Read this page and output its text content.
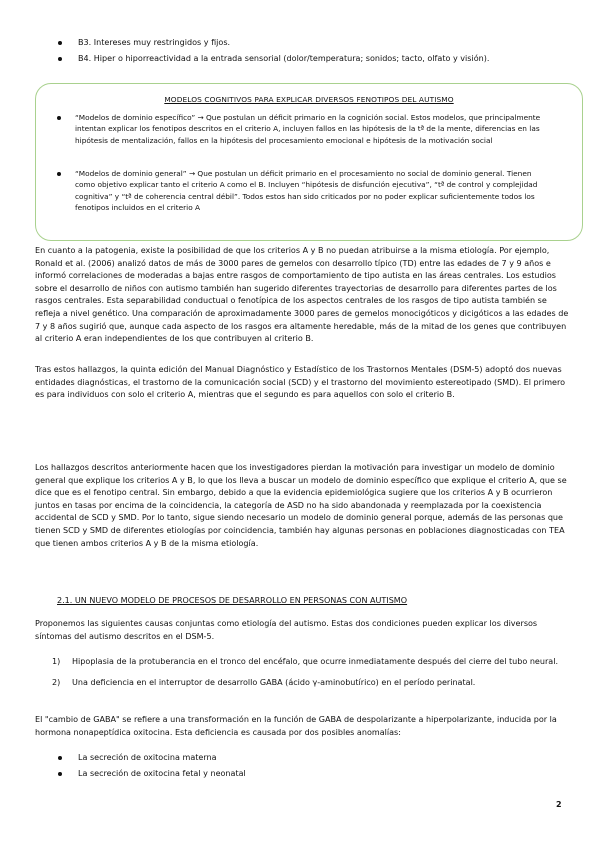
B3. Intereses muy restringidos y fijos.
B4. Hiper o hiporreactividad a la entrada sensorial (dolor/temperatura; sonidos; tacto, olfato y visión).
MODELOS COGNITIVOS PARA EXPLICAR DIVERSOS FENOTIPOS DEL AUTISMO
“Modelos de dominio específico” → Que postulan un déficit primario en la cognición social. Estos modelos, que principalmente intentan explicar los fenotipos descritos en el criterio A, incluyen fallos en las hipótesis de la tª de la mente, diferencias en las hipótesis de mentalización, fallos en la hipótesis del procesamiento emocional e hipótesis de la motivación social
“Modelos de dominio general” → Que postulan un déficit primario en el procesamiento no social de dominio general. Tienen como objetivo explicar tanto el criterio A como el B. Incluyen “hipótesis de disfunción ejecutiva”, “tª de control y complejidad cognitiva” y “tª de coherencia central débil”. Todos estos han sido criticados por no poder explicar suficientemente todos los fenotipos incluidos en el criterio A

En cuanto a la patogenia, existe la posibilidad de que los criterios A y B no puedan atribuirse a la misma etiología. Por ejemplo, Ronald et al. (2006) analizó datos de más de 3000 pares de gemelos con desarrollo típico (TD) entre las edades de 7 y 9 años e informó correlaciones de moderadas a bajas entre rasgos de comportamiento de tipo autista en las áreas centrales. Los estudios sobre el desarrollo de niños con autismo también han sugerido diferentes trayectorias de desarrollo para diferentes partes de los rasgos centrales. Esta separabilidad conductual o fenotípica de los aspectos centrales de los rasgos de tipo autista también se refleja a nivel genético. Una comparación de aproximadamente 3000 pares de gemelos monocigóticos y dicigóticos a las edades de 7 y 8 años sugirió que, aunque cada aspecto de los rasgos era altamente heredable, más de la mitad de los genes que contribuyen al criterio A eran independientes de los que contribuyen al criterio B.

Tras estos hallazgos, la quinta edición del Manual Diagnóstico y Estadístico de los Trastornos Mentales (DSM-5) adoptó dos nuevas entidades diagnósticas, el trastorno de la comunicación social (SCD) y el trastorno del movimiento estereotipado (SMD). El primero es para individuos con solo el criterio A, mientras que el segundo es para aquellos con solo el criterio B.

Los hallazgos descritos anteriormente hacen que los investigadores pierdan la motivación para investigar un modelo de dominio general que explique los criterios A y B, lo que los lleva a buscar un modelo de dominio específico que explique el criterio A, que se dice que es el fenotipo central. Sin embargo, debido a que la evidencia epidemiológica sugiere que los criterios A y B ocurrieron juntos en tasas por encima de la coincidencia, la categoría de ASD no ha sido abandonada y reemplazada por la coexistencia accidental de SCD y SMD. Por lo tanto, sigue siendo necesario un modelo de dominio general porque, además de las personas que tienen SCD y SMD de diferentes etiologías por coincidencia, también hay algunas personas en poblaciones diagnosticadas con TEA que tienen ambos criterios A y B de la misma etiología.

2.1. UN NUEVO MODELO DE PROCESOS DE DESARROLLO EN PERSONAS CON AUTISMO

Proponemos las siguientes causas conjuntas como etiología del autismo. Estas dos condiciones pueden explicar los diversos síntomas del autismo descritos en el DSM-5.

1) Hipoplasia de la protuberancia en el tronco del encéfalo, que ocurre inmediatamente después del cierre del tubo neural.
2) Una deficiencia en el interruptor de desarrollo GABA (ácido γ-aminobutírico) en el período perinatal.

El "cambio de GABA" se refiere a una transformación en la función de GABA de despolarizante a hiperpolarizante, inducida por la hormona nonapeptídica oxitocina. Esta deficiencia es causada por dos posibles anomalías:

La secreción de oxitocina materna
La secreción de oxitocina fetal y neonatal
2
